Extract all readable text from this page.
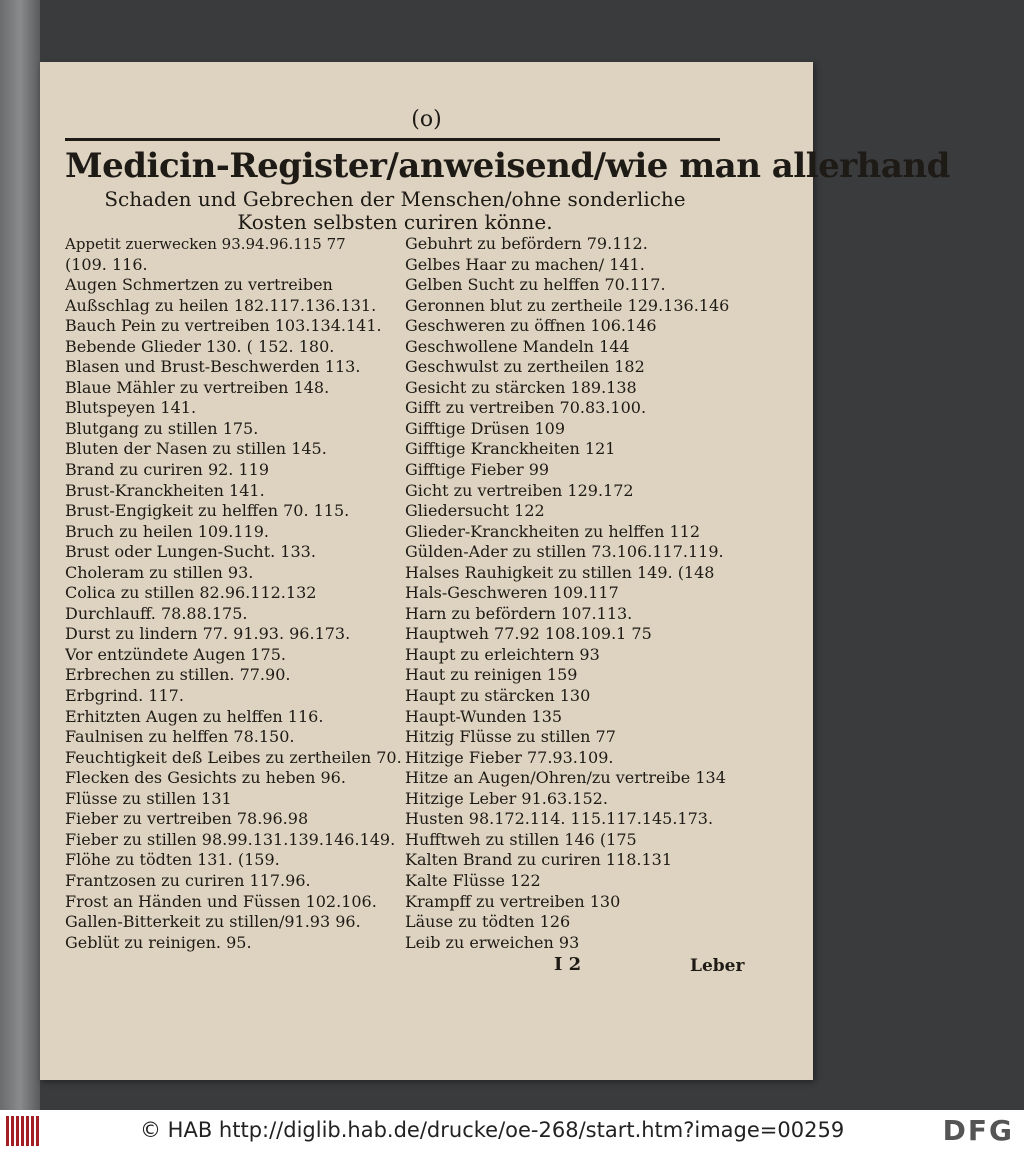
(o)
Medicin-Register/anweisend/wie man allerhand
Schaden und Gebrechen der Menschen/ohne sonderliche
Kosten selbsten curiren könne.
Appetit zuerwecken 93.94.96.115 77
(109. 116.
Augen Schmertzen zu vertreiben
Außschlag zu heilen 182.117.136.131.
Bauch Pein zu vertreiben 103.134.141.
Bebende Glieder 130. ( 152. 180.
Blasen und Brust-Beschwerden 113.
Blaue Mähler zu vertreiben 148.
Blutspeyen 141.
Blutgang zu stillen 175.
Bluten der Nasen zu stillen 145.
Brand zu curiren 92. 119
Brust-Kranckheiten 141.
Brust-Engigkeit zu helffen 70. 115.
Bruch zu heilen 109.119.
Brust oder Lungen-Sucht. 133.
Choleram zu stillen 93.
Colica zu stillen 82.96.112.132
Durchlauff. 78.88.175.
Durst zu lindern 77. 91.93. 96.173.
Vor entzündete Augen 175.
Erbrechen zu stillen. 77.90.
Erbgrind. 117.
Erhitzten Augen zu helffen 116.
Faulnisen zu helffen 78.150.
Feuchtigkeit deß Leibes zu zertheilen 70.
Flecken des Gesichts zu heben 96.
Flüsse zu stillen 131
Fieber zu vertreiben 78.96.98
Fieber zu stillen 98.99.131.139.146.149.
Flöhe zu tödten 131. (159.
Frantzosen zu curiren 117.96.
Frost an Händen und Füssen 102.106.
Gallen-Bitterkeit zu stillen/91.93 96.
Geblüt zu reinigen. 95.
Gebuhrt zu befördern 79.112.
Gelbes Haar zu machen/ 141.
Gelben Sucht zu helffen 70.117.
Geronnen blut zu zertheile 129.136.146
Geschweren zu öffnen 106.146
Geschwollene Mandeln 144
Geschwulst zu zertheilen 182
Gesicht zu stärcken 189.138
Gifft zu vertreiben 70.83.100.
Gifftige Drüsen 109
Gifftige Kranckheiten 121
Gifftige Fieber 99
Gicht zu vertreiben 129.172
Gliedersucht 122
Glieder-Kranckheiten zu helffen 112
Gülden-Ader zu stillen 73.106.117.119.
Halses Rauhigkeit zu stillen 149. (148
Hals-Geschweren 109.117
Harn zu befördern 107.113.
Hauptweh 77.92 108.109.1 75
Haupt zu erleichtern 93
Haut zu reinigen 159
Haupt zu stärcken 130
Haupt-Wunden 135
Hitzig Flüsse zu stillen 77
Hitzige Fieber 77.93.109.
Hitze an Augen/Ohren/zu vertreibe 134
Hitzige Leber 91.63.152.
Husten 98.172.114. 115.117.145.173.
Hufftweh zu stillen 146 (175
Kalten Brand zu curiren 118.131
Kalte Flüsse 122
Krampff zu vertreiben 130
Läuse zu tödten 126
Leib zu erweichen 93
I 2	Leber
© HAB http://diglib.hab.de/drucke/oe-268/start.htm?image=00259	DFG
